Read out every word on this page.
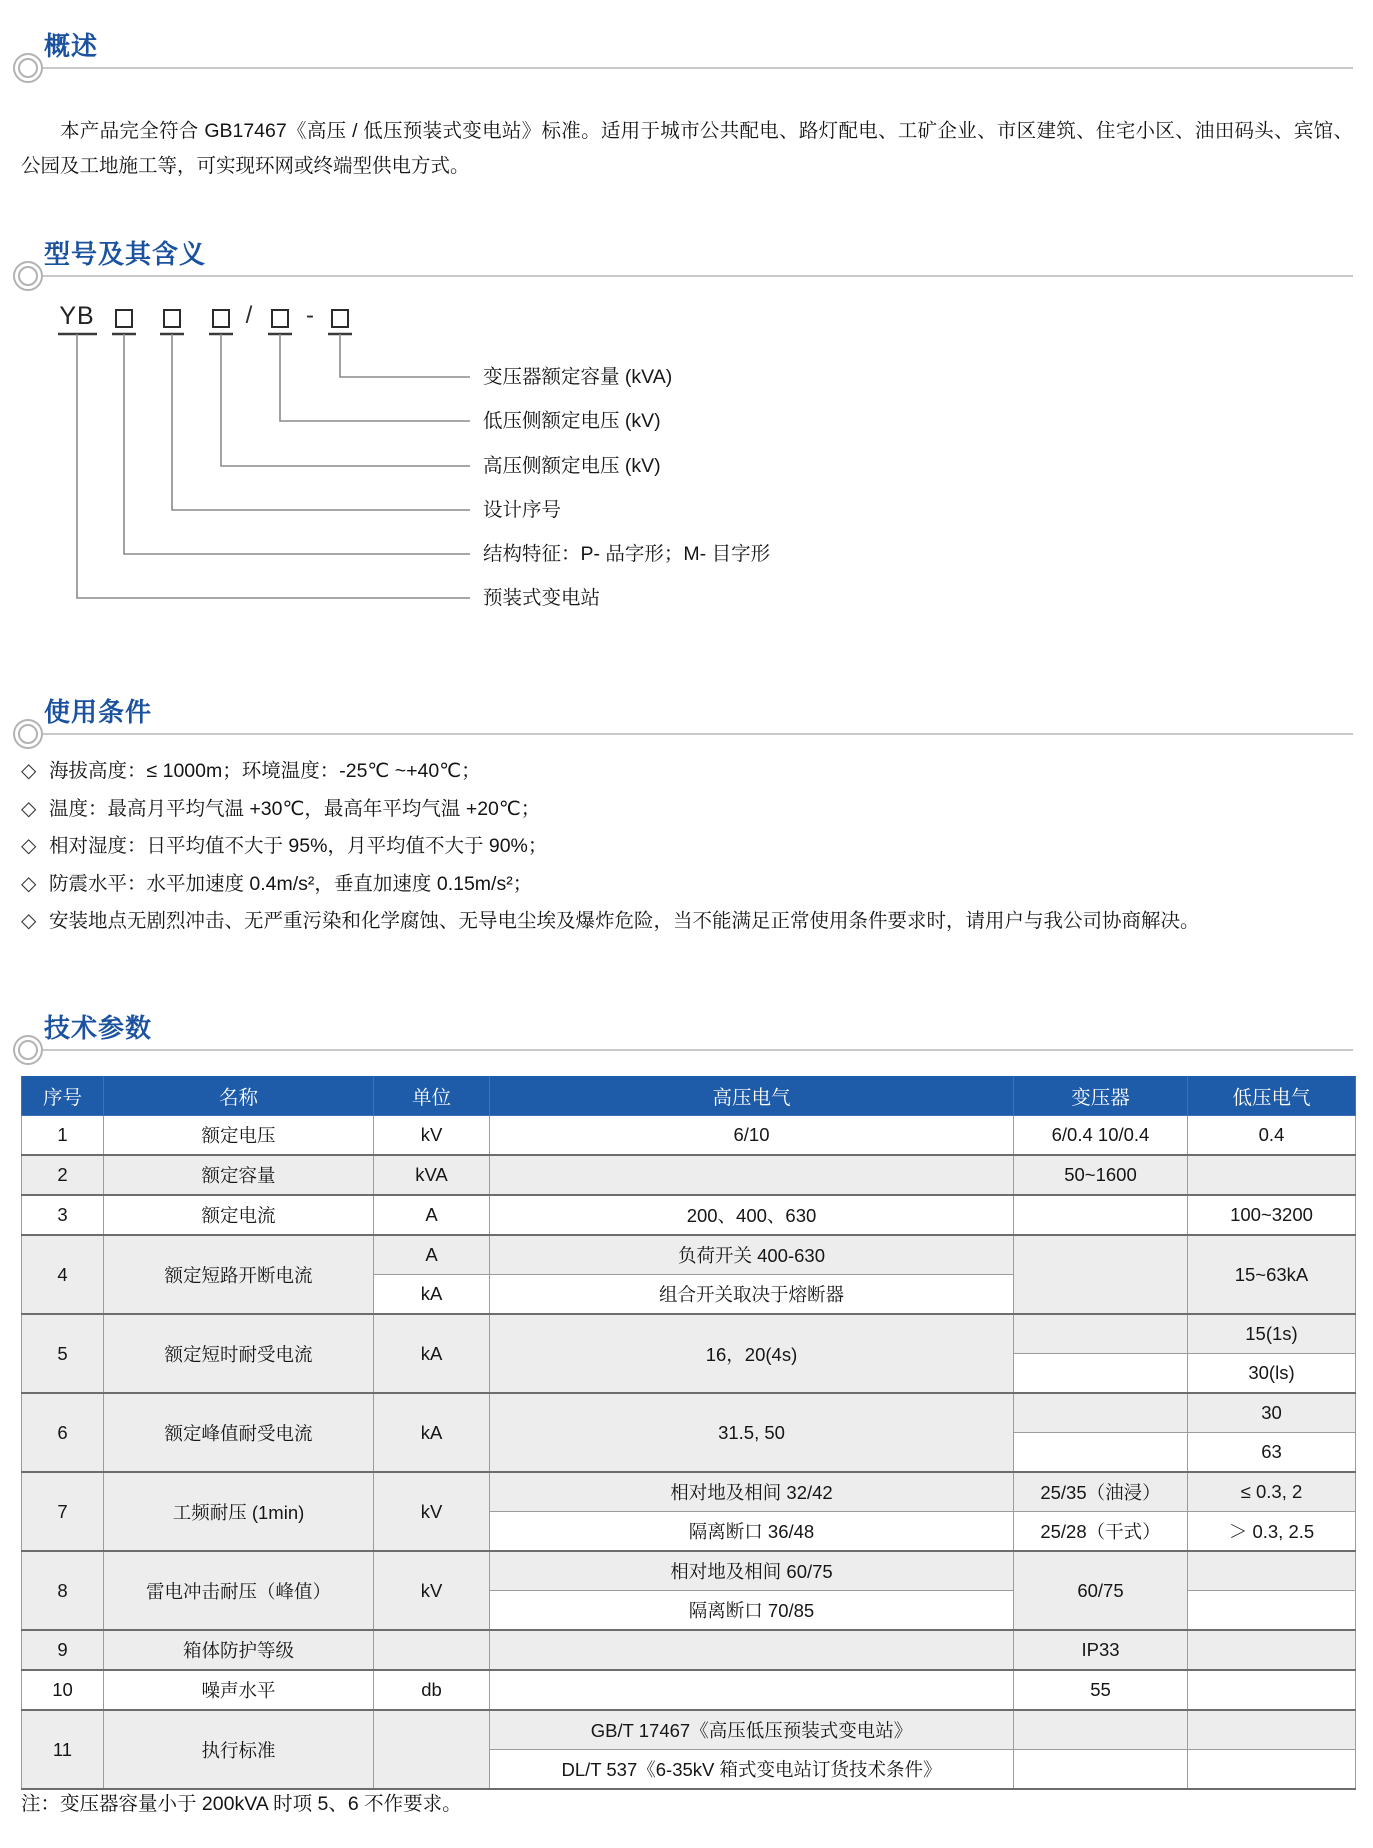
概述

本产品完全符合 GB17467《高压 / 低压预装式变电站》标准。适用于城市公共配电、路灯配电、工矿企业、市区建筑、住宅小区、油田码头、宾馆、公园及工地施工等，可实现环网或终端型供电方式。

型号及其含义
YB	/ -
变压器额定容量 (kVA)
低压侧额定电压 (kV)
高压侧额定电压 (kV)
设计序号
结构特征：P- 品字形；M- 目字形
预装式变电站
使用条件
◇ 海拔高度：≤ 1000m；环境温度：-25℃ ~+40℃；
◇ 温度：最高月平均气温 +30℃，最高年平均气温 +20℃；
◇ 相对湿度：日平均值不大于 95%，月平均值不大于 90%；
◇ 防震水平：水平加速度 0.4m/s²，垂直加速度 0.15m/s²；
◇ 安装地点无剧烈冲击、无严重污染和化学腐蚀、无导电尘埃及爆炸危险，当不能满足正常使用条件要求时，请用户与我公司协商解决。
技术参数
序号	名称	单位	高压电气	变压器	低压电气
1	额定电压	kV	6/10	6/0.4 10/0.4	0.4
2	额定容量	kVA		50~1600	
3	额定电流	A	200、400、630		100~3200
4	额定短路开断电流	A	负荷开关 400-630		15~63kA
		kA	组合开关取决于熔断器		
5	额定短时耐受电流	kA	16，20(4s)		15(1s)
					30(ls)
6	额定峰值耐受电流	kA	31.5, 50		30
					63
7	工频耐压 (1min)	kV	相对地及相间 32/42	25/35（油浸）	≤ 0.3, 2
			隔离断口 36/48	25/28（干式）	＞ 0.3, 2.5
8	雷电冲击耐压（峰值）	kV	相对地及相间 60/75	60/75	
			隔离断口 70/85		
9	箱体防护等级			IP33	
10	噪声水平	db		55	
11	执行标准		GB/T 17467《高压低压预装式变电站》		
			DL/T 537《6-35kV 箱式变电站订货技术条件》		
注：变压器容量小于 200kVA 时项 5、6 不作要求。
